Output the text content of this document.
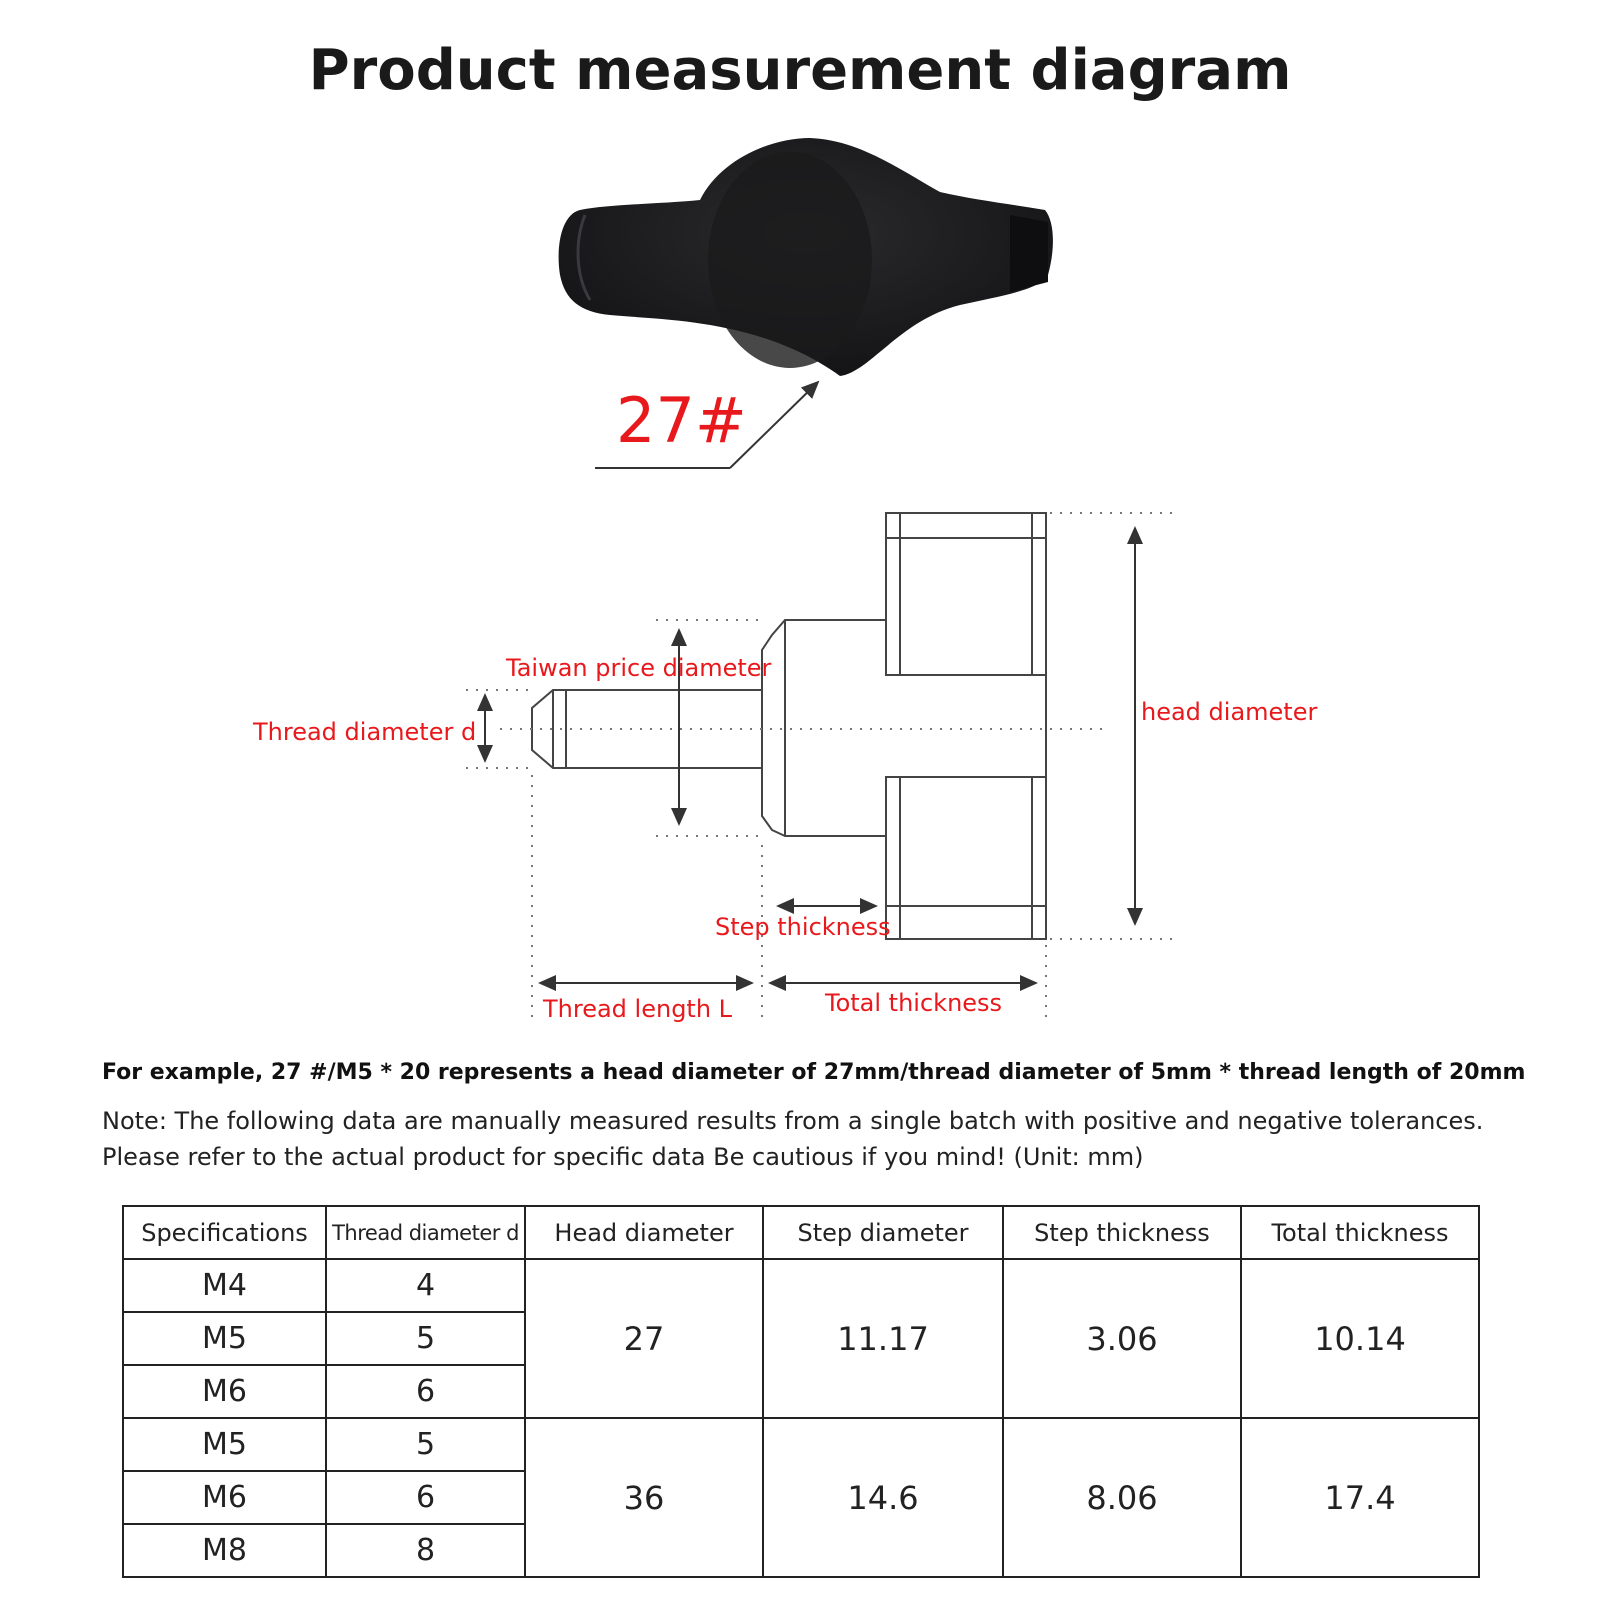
Product measurement diagram
27#
Taiwan price diameter
Thread diameter d
head diameter
Step thickness
Thread length L	Total thickness
For example, 27 #/M5 * 20 represents a head diameter of 27mm/thread diameter of 5mm * thread length of 20mm
Note: The following data are manually measured results from a single batch with positive and negative tolerances.
Please refer to the actual product for specific data Be cautious if you mind! (Unit: mm)
Specifications	Thread diameter d	Head diameter	Step diameter	Step thickness	Total thickness
M4	4	27	11.17	3.06	10.14
M5	5				
M6	6				
M5	5	36	14.6	8.06	17.4
M6	6				
M8	8				
